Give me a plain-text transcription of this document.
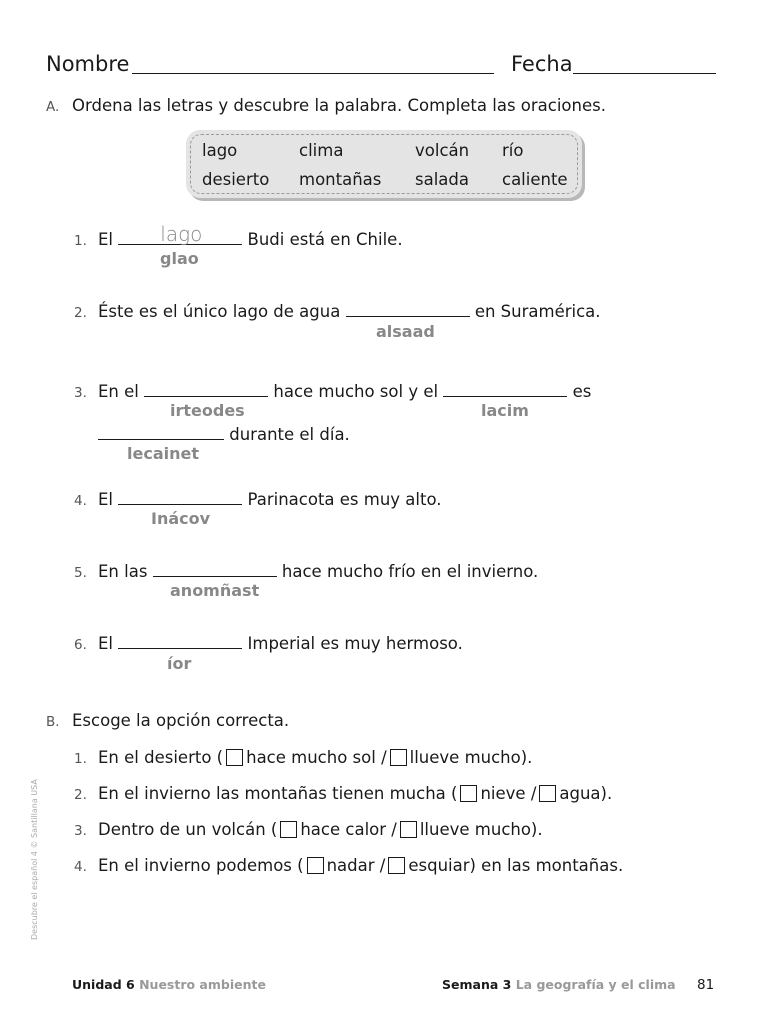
Nombre	Fecha
A. Ordena las letras y descubre la palabra. Completa las oraciones.
lago	clima	volcán río
desierto montañas salada caliente
1. El lago	Budi está en Chile.
glao
2. Éste es el único lago de agua	en Suramérica.
alsaad
3. En el	hace mucho sol y el	es
irteodes	lacim
durante el día.
lecainet
4. El	Parinacota es muy alto.
Inácov
5. En las	hace mucho frío en el invierno.
anomñast
6. El	Imperial es muy hermoso.
íor
B. Escoge la opción correcta.
1. En el desierto ( hace mucho sol / llueve mucho).
2. En el invierno las montañas tienen mucha ( nieve / agua).
3. Dentro de un volcán ( hace calor / llueve mucho).
4. En el invierno podemos ( nadar / esquiar) en las montañas.
Descubre el español 4 © Santillana USA
Unidad 6 Nuestro ambiente	Semana 3 La geografía y el clima 81
